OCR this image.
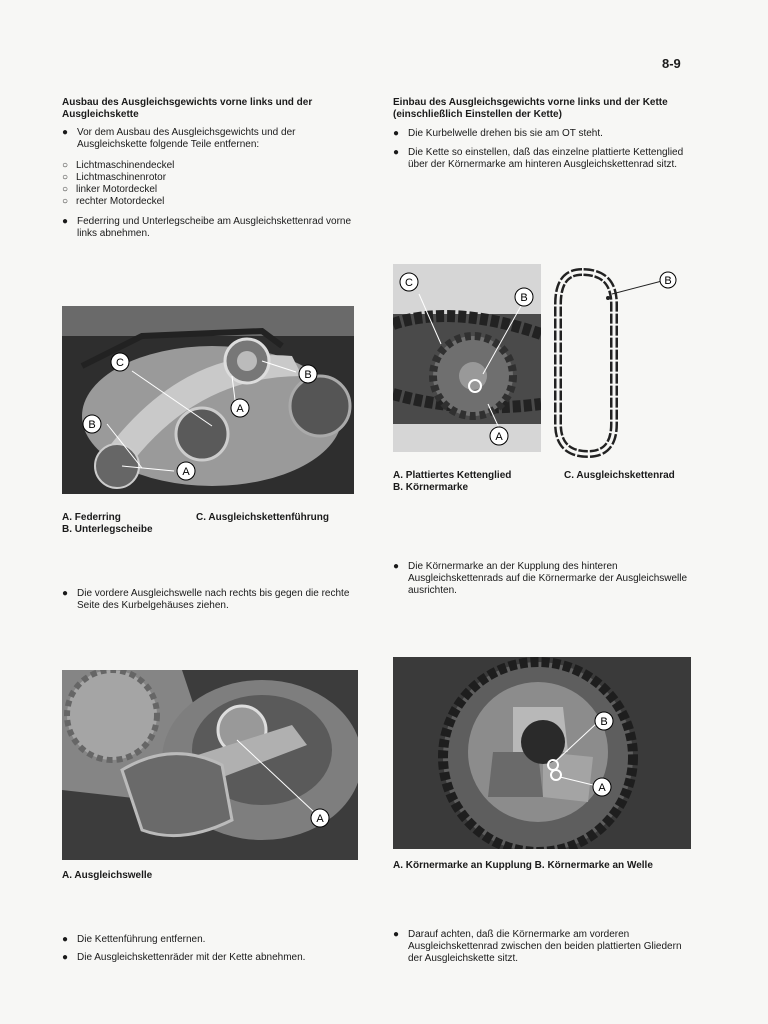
8-9
Ausbau des Ausgleichsgewichts vorne links und der Ausgleichskette
● Vor dem Ausbau des Ausgleichsgewichts und der Ausgleichskette folgende Teile entfernen:
○ Lichtmaschinendeckel
○ Lichtmaschinenrotor
○ linker Motordeckel
○ rechter Motordeckel
● Federring und Unterlegscheibe am Ausgleichskettenrad vorne links abnehmen.
C
B
A
B
A
A. Federring
B. Unterlegscheibe
C. Ausgleichskettenführung
● Die vordere Ausgleichswelle nach rechts bis gegen die rechte Seite des Kurbelgehäuses ziehen.
A
A. Ausgleichswelle
● Die Kettenführung entfernen.
● Die Ausgleichskettenräder mit der Kette abnehmen.
Einbau des Ausgleichsgewichts vorne links und der Kette (einschließlich Einstellen der Kette)
● Die Kurbelwelle drehen bis sie am OT steht.
● Die Kette so einstellen, daß das einzelne plattierte Kettenglied über der Körnermarke am hinteren Ausgleichskettenrad sitzt.
C
B
A
B
A. Plattiertes Kettenglied
B. Körnermarke
C. Ausgleichskettenrad
● Die Körnermarke an der Kupplung des hinteren Ausgleichskettenrads auf die Körnermarke der Ausgleichswelle ausrichten.
B
A
A. Körnermarke an Kupplung B. Körnermarke an Welle
● Darauf achten, daß die Körnermarke am vorderen Ausgleichskettenrad zwischen den beiden plattierten Gliedern der Ausgleichskette sitzt.
